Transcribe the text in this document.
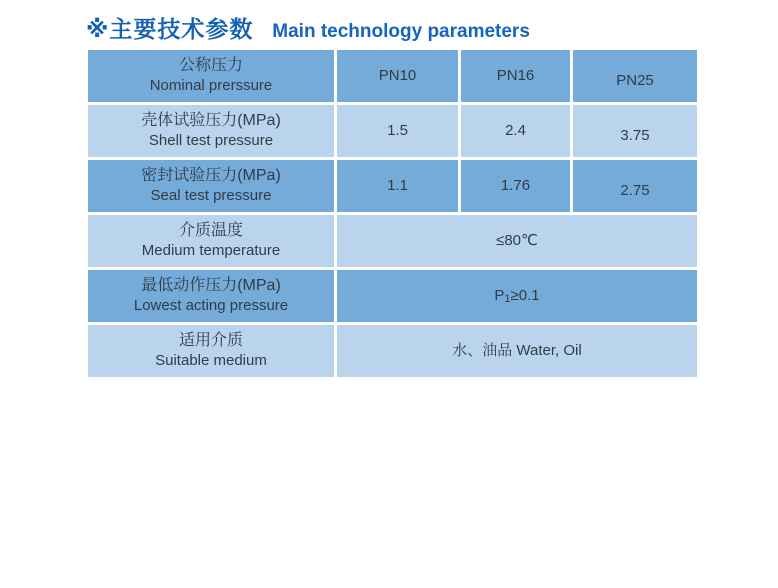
※主要技术参数 Main technology parameters
公称压力
Nominal prerssure
PN10	PN16	PN25
壳体试验压力(MPa)
Shell test pressure
1.5	2.4	3.75
密封试验压力(MPa)
Seal test pressure
1.1	1.76	2.75
介质温度
Medium temperature
≤80℃
最低动作压力(MPa)
Lowest acting pressure
$P_1\ge 0.1$
适用介质
Suitable medium
水、油品 Water, Oil
